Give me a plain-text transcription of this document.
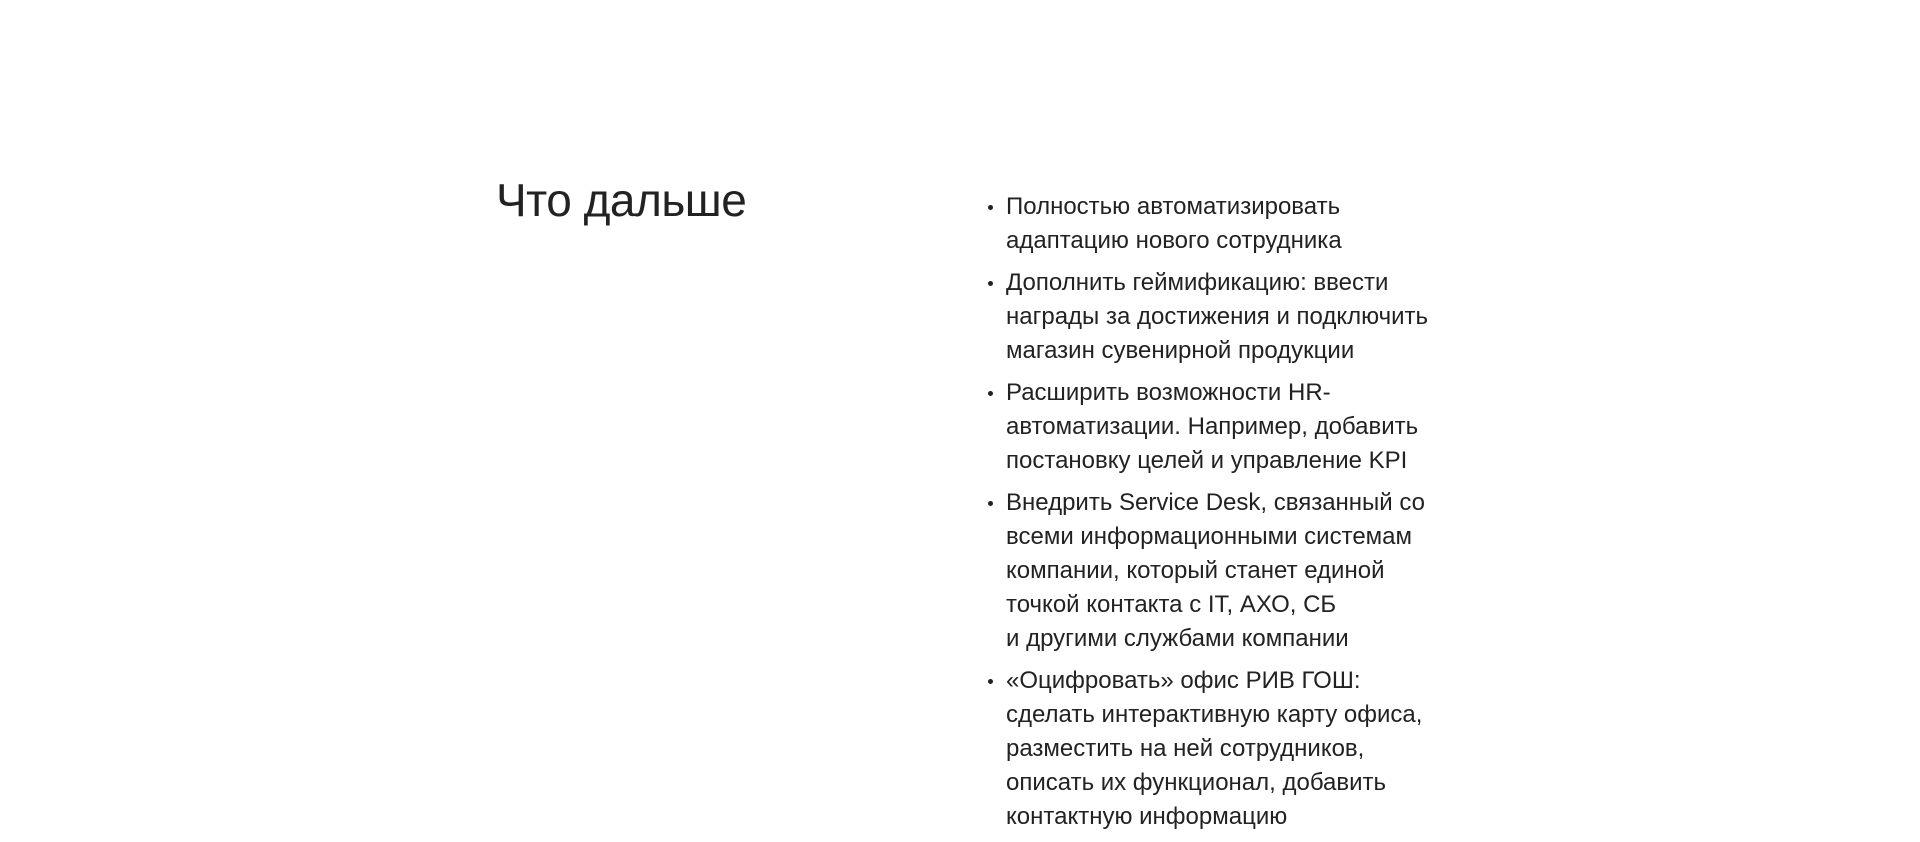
Что дальше	Полностью автоматизировать
адаптацию нового сотрудника
Дополнить геймификацию: ввести
награды за достижения и подключить
магазин сувенирной продукции
Расширить возможности HR-
автоматизации. Например, добавить
постановку целей и управление KPI
Внедрить Service Desk, связанный со
всеми информационными системам
компании, который станет единой
точкой контакта с IT, АХО, СБ
и другими службами компании
«Оцифровать» офис РИВ ГОШ:
сделать интерактивную карту офиса,
разместить на ней сотрудников,
описать их функционал, добавить
контактную информацию
